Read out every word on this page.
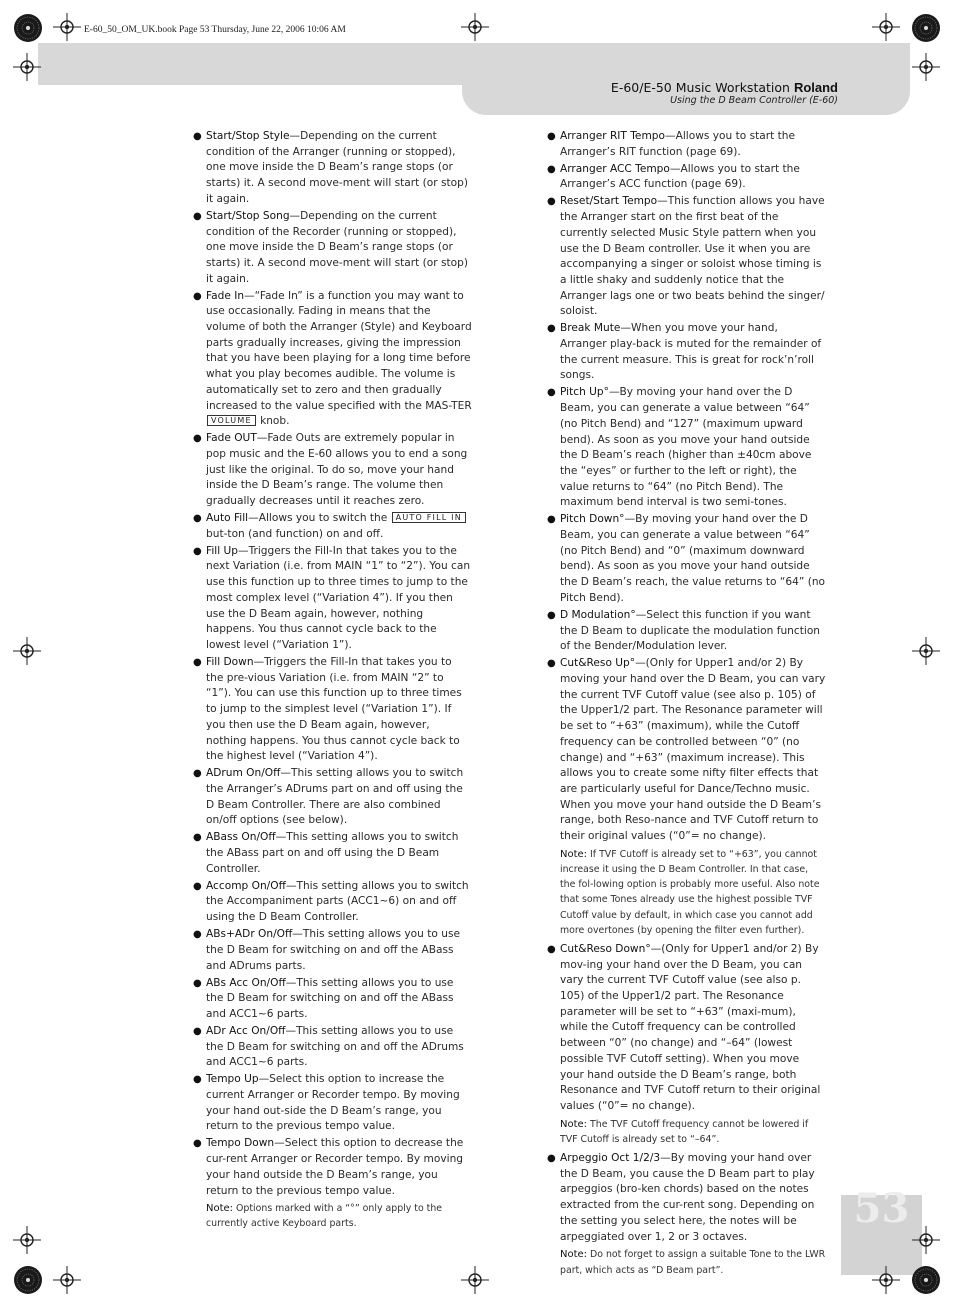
E-60_50_OM_UK.book Page 53 Thursday, June 22, 2006 10:06 AM
E-60/E-50 Music Workstation Roland
Using the D Beam Controller (E-60)
● Start/Stop Style—Depending on the current condition of the Arranger (running or stopped), one move inside the D Beam’s range stops (or starts) it. A second move-ment will start (or stop) it again.
● Start/Stop Song—Depending on the current condition of the Recorder (running or stopped), one move inside the D Beam’s range stops (or starts) it. A second move-ment will start (or stop) it again.
● Fade In—“Fade In” is a function you may want to use occasionally. Fading in means that the volume of both the Arranger (Style) and Keyboard parts gradually increases, giving the impression that you have been playing for a long time before what you play becomes audible. The volume is automatically set to zero and then gradually increased to the value specified with the MAS-TER VOLUME knob.
● Fade OUT—Fade Outs are extremely popular in pop music and the E-60 allows you to end a song just like the original. To do so, move your hand inside the D Beam’s range. The volume then gradually decreases until it reaches zero.
● Auto Fill—Allows you to switch the AUTO FILL IN but-ton (and function) on and off.
● Fill Up—Triggers the Fill-In that takes you to the next Variation (i.e. from MAIN “1” to “2”). You can use this function up to three times to jump to the most complex level (“Variation 4”). If you then use the D Beam again, however, nothing happens. You thus cannot cycle back to the lowest level (“Variation 1”).
● Fill Down—Triggers the Fill-In that takes you to the pre-vious Variation (i.e. from MAIN “2” to “1”). You can use this function up to three times to jump to the simplest level (“Variation 1”). If you then use the D Beam again, however, nothing happens. You thus cannot cycle back to the highest level (“Variation 4”).
● ADrum On/Off—This setting allows you to switch the Arranger’s ADrums part on and off using the D Beam Controller. There are also combined on/off options (see below).
● ABass On/Off—This setting allows you to switch the ABass part on and off using the D Beam Controller.
● Accomp On/Off—This setting allows you to switch the Accompaniment parts (ACC1~6) on and off using the D Beam Controller.
● ABs+ADr On/Off—This setting allows you to use the D Beam for switching on and off the ABass and ADrums parts.
● ABs Acc On/Off—This setting allows you to use the D Beam for switching on and off the ABass and ACC1~6 parts.
● ADr Acc On/Off—This setting allows you to use the D Beam for switching on and off the ADrums and ACC1~6 parts.
● Tempo Up—Select this option to increase the current Arranger or Recorder tempo. By moving your hand out-side the D Beam’s range, you return to the previous tempo value.
● Tempo Down—Select this option to decrease the cur-rent Arranger or Recorder tempo. By moving your hand outside the D Beam’s range, you return to the previous tempo value.
Note: Options marked with a “°” only apply to the currently active Keyboard parts.
● Arranger RIT Tempo—Allows you to start the Arranger’s RIT function (page 69).
● Arranger ACC Tempo—Allows you to start the Arranger’s ACC function (page 69).
● Reset/Start Tempo—This function allows you have the Arranger start on the first beat of the currently selected Music Style pattern when you use the D Beam controller. Use it when you are accompanying a singer or soloist whose timing is a little shaky and suddenly notice that the Arranger lags one or two beats behind the singer/ soloist.
● Break Mute—When you move your hand, Arranger play-back is muted for the remainder of the current measure. This is great for rock’n’roll songs.
● Pitch Up°—By moving your hand over the D Beam, you can generate a value between “64” (no Pitch Bend) and “127” (maximum upward bend). As soon as you move your hand outside the D Beam’s reach (higher than ±40cm above the “eyes” or further to the left or right), the value returns to “64” (no Pitch Bend). The maximum bend interval is two semi-tones.
● Pitch Down°—By moving your hand over the D Beam, you can generate a value between “64” (no Pitch Bend) and “0” (maximum downward bend). As soon as you move your hand outside the D Beam’s reach, the value returns to “64” (no Pitch Bend).
● D Modulation°—Select this function if you want the D Beam to duplicate the modulation function of the Bender/Modulation lever.
● Cut&Reso Up°—(Only for Upper1 and/or 2) By moving your hand over the D Beam, you can vary the current TVF Cutoff value (see also p. 105) of the Upper1/2 part. The Resonance parameter will be set to “+63” (maximum), while the Cutoff frequency can be controlled between “0” (no change) and “+63” (maximum increase). This allows you to create some nifty filter effects that are particularly useful for Dance/Techno music. When you move your hand outside the D Beam’s range, both Reso-nance and TVF Cutoff return to their original values (“0”= no change).
Note: If TVF Cutoff is already set to “+63”, you cannot increase it using the D Beam Controller. In that case, the fol-lowing option is probably more useful. Also note that some Tones already use the highest possible TVF Cutoff value by default, in which case you cannot add more overtones (by opening the filter even further).
● Cut&Reso Down°—(Only for Upper1 and/or 2) By mov-ing your hand over the D Beam, you can vary the current TVF Cutoff value (see also p. 105) of the Upper1/2 part. The Resonance parameter will be set to “+63” (maxi-mum), while the Cutoff frequency can be controlled between “0” (no change) and “–64” (lowest possible TVF Cutoff setting). When you move your hand outside the D Beam’s range, both Resonance and TVF Cutoff return to their original values (“0”= no change).
Note: The TVF Cutoff frequency cannot be lowered if TVF Cutoff is already set to “–64”.
● Arpeggio Oct 1/2/3—By moving your hand over the D Beam, you cause the D Beam part to play arpeggios (bro-ken chords) based on the notes extracted from the cur-rent song. Depending on the setting you select here, the notes will be arpeggiated over 1, 2 or 3 octaves.
Note: Do not forget to assign a suitable Tone to the LWR part, which acts as “D Beam part”.
53
